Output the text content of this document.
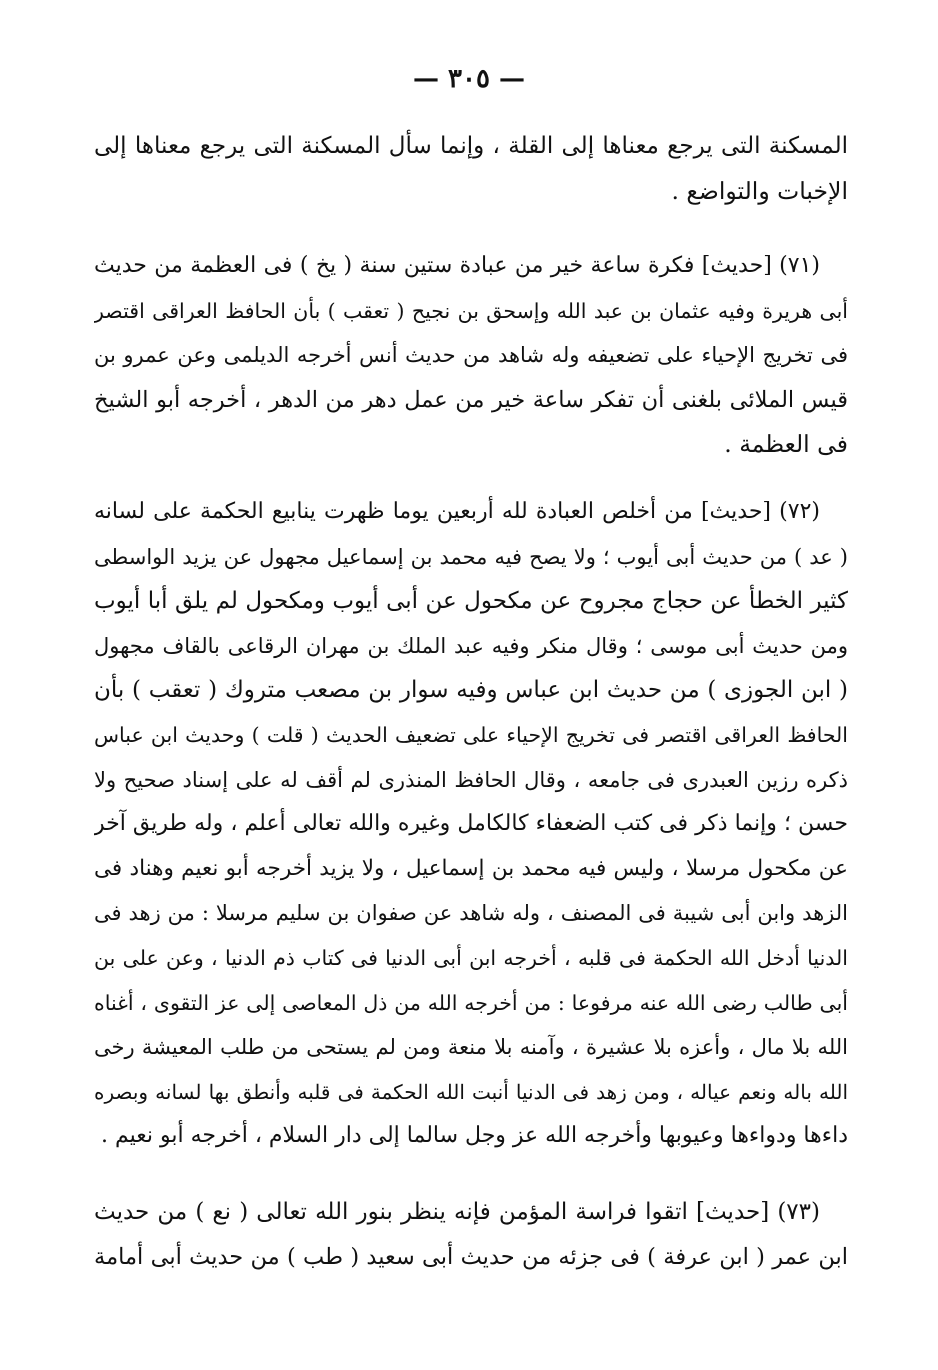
— ٣٠٥ —
المسكنة التى يرجع معناها إلى القلة ، وإنما سأل المسكنة التى يرجع معناها إلى
الإخبات والتواضع .
(٧١) [حديث] فكرة ساعة خير من عبادة ستين سنة ( يخ ) فى العظمة من حديث
أبى هريرة وفيه عثمان بن عبد الله وإسحق بن نجيح ( تعقب ) بأن الحافظ العراقى اقتصر
فى تخريج الإحياء على تضعيفه وله شاهد من حديث أنس أخرجه الديلمى وعن عمرو بن
قيس الملائى بلغنى أن تفكر ساعة خير من عمل دهر من الدهر ، أخرجه أبو الشيخ
فى العظمة .
(٧٢) [حديث] من أخلص العبادة لله أربعين يوما ظهرت ينابيع الحكمة على لسانه
( عد ) من حديث أبى أيوب ؛ ولا يصح فيه محمد بن إسماعيل مجهول عن يزيد الواسطى
كثير الخطأ عن حجاج مجروح عن مكحول عن أبى أيوب ومكحول لم يلق أبا أيوب
ومن حديث أبى موسى ؛ وقال منكر وفيه عبد الملك بن مهران الرقاعى بالقاف مجهول
( ابن الجوزى ) من حديث ابن عباس وفيه سوار بن مصعب متروك ( تعقب ) بأن
الحافظ العراقى اقتصر فى تخريج الإحياء على تضعيف الحديث ( قلت ) وحديث ابن عباس
ذكره رزين العبدرى فى جامعه ، وقال الحافظ المنذرى لم أقف له على إسناد صحيح ولا
حسن ؛ وإنما ذكر فى كتب الضعفاء كالكامل وغيره والله تعالى أعلم ، وله طريق آخر
عن مكحول مرسلا ، وليس فيه محمد بن إسماعيل ، ولا يزيد أخرجه أبو نعيم وهناد فى
الزهد وابن أبى شيبة فى المصنف ، وله شاهد عن صفوان بن سليم مرسلا : من زهد فى
الدنيا أدخل الله الحكمة فى قلبه ، أخرجه ابن أبى الدنيا فى كتاب ذم الدنيا ، وعن على بن
أبى طالب رضى الله عنه مرفوعا : من أخرجه الله من ذل المعاصى إلى عز التقوى ، أغناه
الله بلا مال ، وأعزه بلا عشيرة ، وآمنه بلا منعة ومن لم يستحى من طلب المعيشة رخى
الله باله ونعم عياله ، ومن زهد فى الدنيا أنبت الله الحكمة فى قلبه وأنطق بها لسانه وبصره
داءها ودواءها وعيوبها وأخرجه الله عز وجل سالما إلى دار السلام ، أخرجه أبو نعيم .
(٧٣) [حديث] اتقوا فراسة المؤمن فإنه ينظر بنور الله تعالى ( نع ) من حديث
ابن عمر ( ابن عرفة ) فى جزئه من حديث أبى سعيد ( طب ) من حديث أبى أمامة
